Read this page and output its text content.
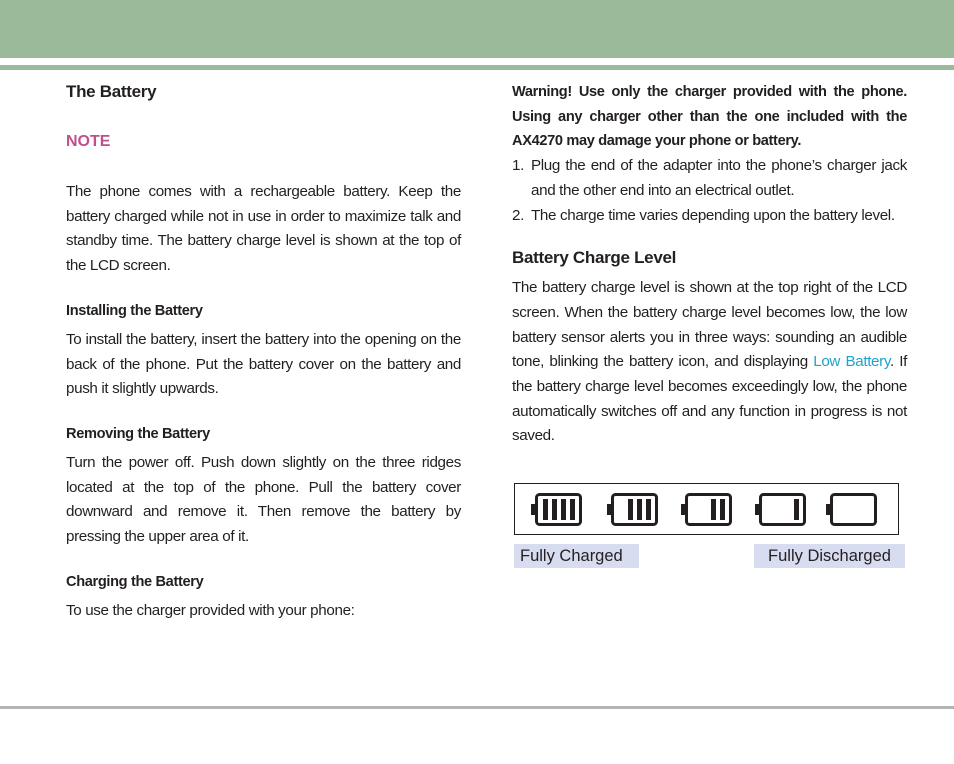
The Battery
NOTE

The phone comes with a rechargeable battery. Keep the battery charged while not in use in order to maximize talk and standby time. The battery charge level is shown at the top of the LCD screen.

Installing the Battery

To install the battery, insert the battery into the opening on the back of the phone. Put the battery cover on the battery and push it slightly upwards.

Removing the Battery

Turn the power off. Push down slightly on the three ridges located at the top of the phone. Pull the battery cover downward and remove it. Then remove the battery by pressing the upper area of it.

Charging the Battery

To use the charger provided with your phone:

Warning! Use only the charger provided with the phone. Using any charger other than the one included with the AX4270 may damage your phone or battery.

1. Plug the end of the adapter into the phone’s charger jack and the other end into an electrical outlet.
2. The charge time varies depending upon the battery level.
Battery Charge Level

The battery charge level is shown at the top right of the LCD screen. When the battery charge level becomes low, the low battery sensor alerts you in three ways: sounding an audible tone, blinking the battery icon, and displaying Low Battery. If the battery charge level becomes exceedingly low, the phone automatically switches off and any function in progress is not saved.

Fully Charged	Fully Discharged
